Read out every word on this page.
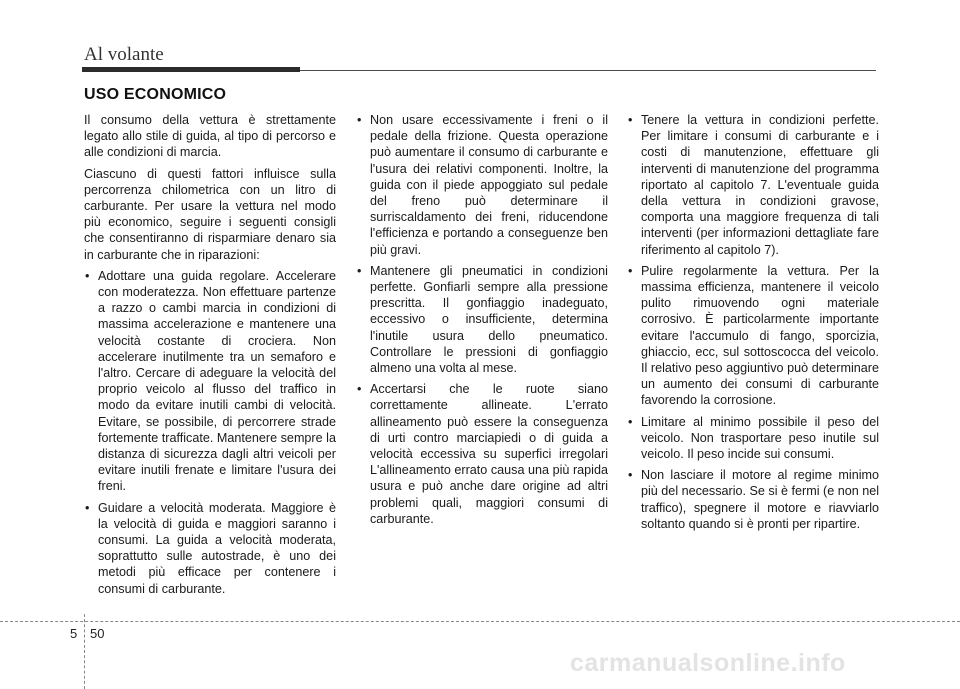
Al volante
USO ECONOMICO

Il consumo della vettura è strettamente legato allo stile di guida, al tipo di percorso e alle condizioni di marcia.

Ciascuno di questi fattori influisce sulla percorrenza chilometrica con un litro di carburante. Per usare la vettura nel modo più economico, seguire i seguenti consigli che consentiranno di risparmiare denaro sia in carburante che in riparazioni:

• Adottare una guida regolare. Accelerare con moderatezza. Non effettuare partenze a razzo o cambi marcia in condizioni di massima accelerazione e mantenere una velocità costante di crociera. Non accelerare inutilmente tra un semaforo e l'altro. Cercare di adeguare la velocità del proprio veicolo al flusso del traffico in modo da evitare inutili cambi di velocità. Evitare, se possibile, di percorrere strade fortemente trafficate. Mantenere sempre la distanza di sicurezza dagli altri veicoli per evitare inutili frenate e limitare l'usura dei freni.
• Guidare a velocità moderata. Maggiore è la velocità di guida e maggiori saranno i consumi. La guida a velocità moderata, soprattutto sulle autostrade, è uno dei metodi più efficace per contenere i consumi di carburante.
• Non usare eccessivamente i freni o il pedale della frizione. Questa operazione può aumentare il consumo di carburante e l'usura dei relativi componenti. Inoltre, la guida con il piede appoggiato sul pedale del freno può determinare il surriscaldamento dei freni, riducendone l'efficienza e portando a conseguenze ben più gravi.
• Mantenere gli pneumatici in condizioni perfette. Gonfiarli sempre alla pressione prescritta. Il gonfiaggio inadeguato, eccessivo o insufficiente, determina l'inutile usura dello pneumatico. Controllare le pressioni di gonfiaggio almeno una volta al mese.
• Accertarsi che le ruote siano correttamente allineate. L'errato allineamento può essere la conseguenza di urti contro marciapiedi o di guida a velocità eccessiva su superfici irregolari L'allineamento errato causa una più rapida usura e può anche dare origine ad altri problemi quali, maggiori consumi di carburante.
• Tenere la vettura in condizioni perfette. Per limitare i consumi di carburante e i costi di manutenzione, effettuare gli interventi di manutenzione del programma riportato al capitolo 7. L'eventuale guida della vettura in condizioni gravose, comporta una maggiore frequenza di tali interventi (per informazioni dettagliate fare riferimento al capitolo 7).
• Pulire regolarmente la vettura. Per la massima efficienza, mantenere il veicolo pulito rimuovendo ogni materiale corrosivo. È particolarmente importante evitare l'accumulo di fango, sporcizia, ghiaccio, ecc, sul sottoscocca del veicolo. Il relativo peso aggiuntivo può determinare un aumento dei consumi di carburante favorendo la corrosione.
• Limitare al minimo possibile il peso del veicolo. Non trasportare peso inutile sul veicolo. Il peso incide sui consumi.
• Non lasciare il motore al regime minimo più del necessario. Se si è fermi (e non nel traffico), spegnere il motore e riavviarlo soltanto quando si è pronti per ripartire.
5 50
carmanualsonline.info
